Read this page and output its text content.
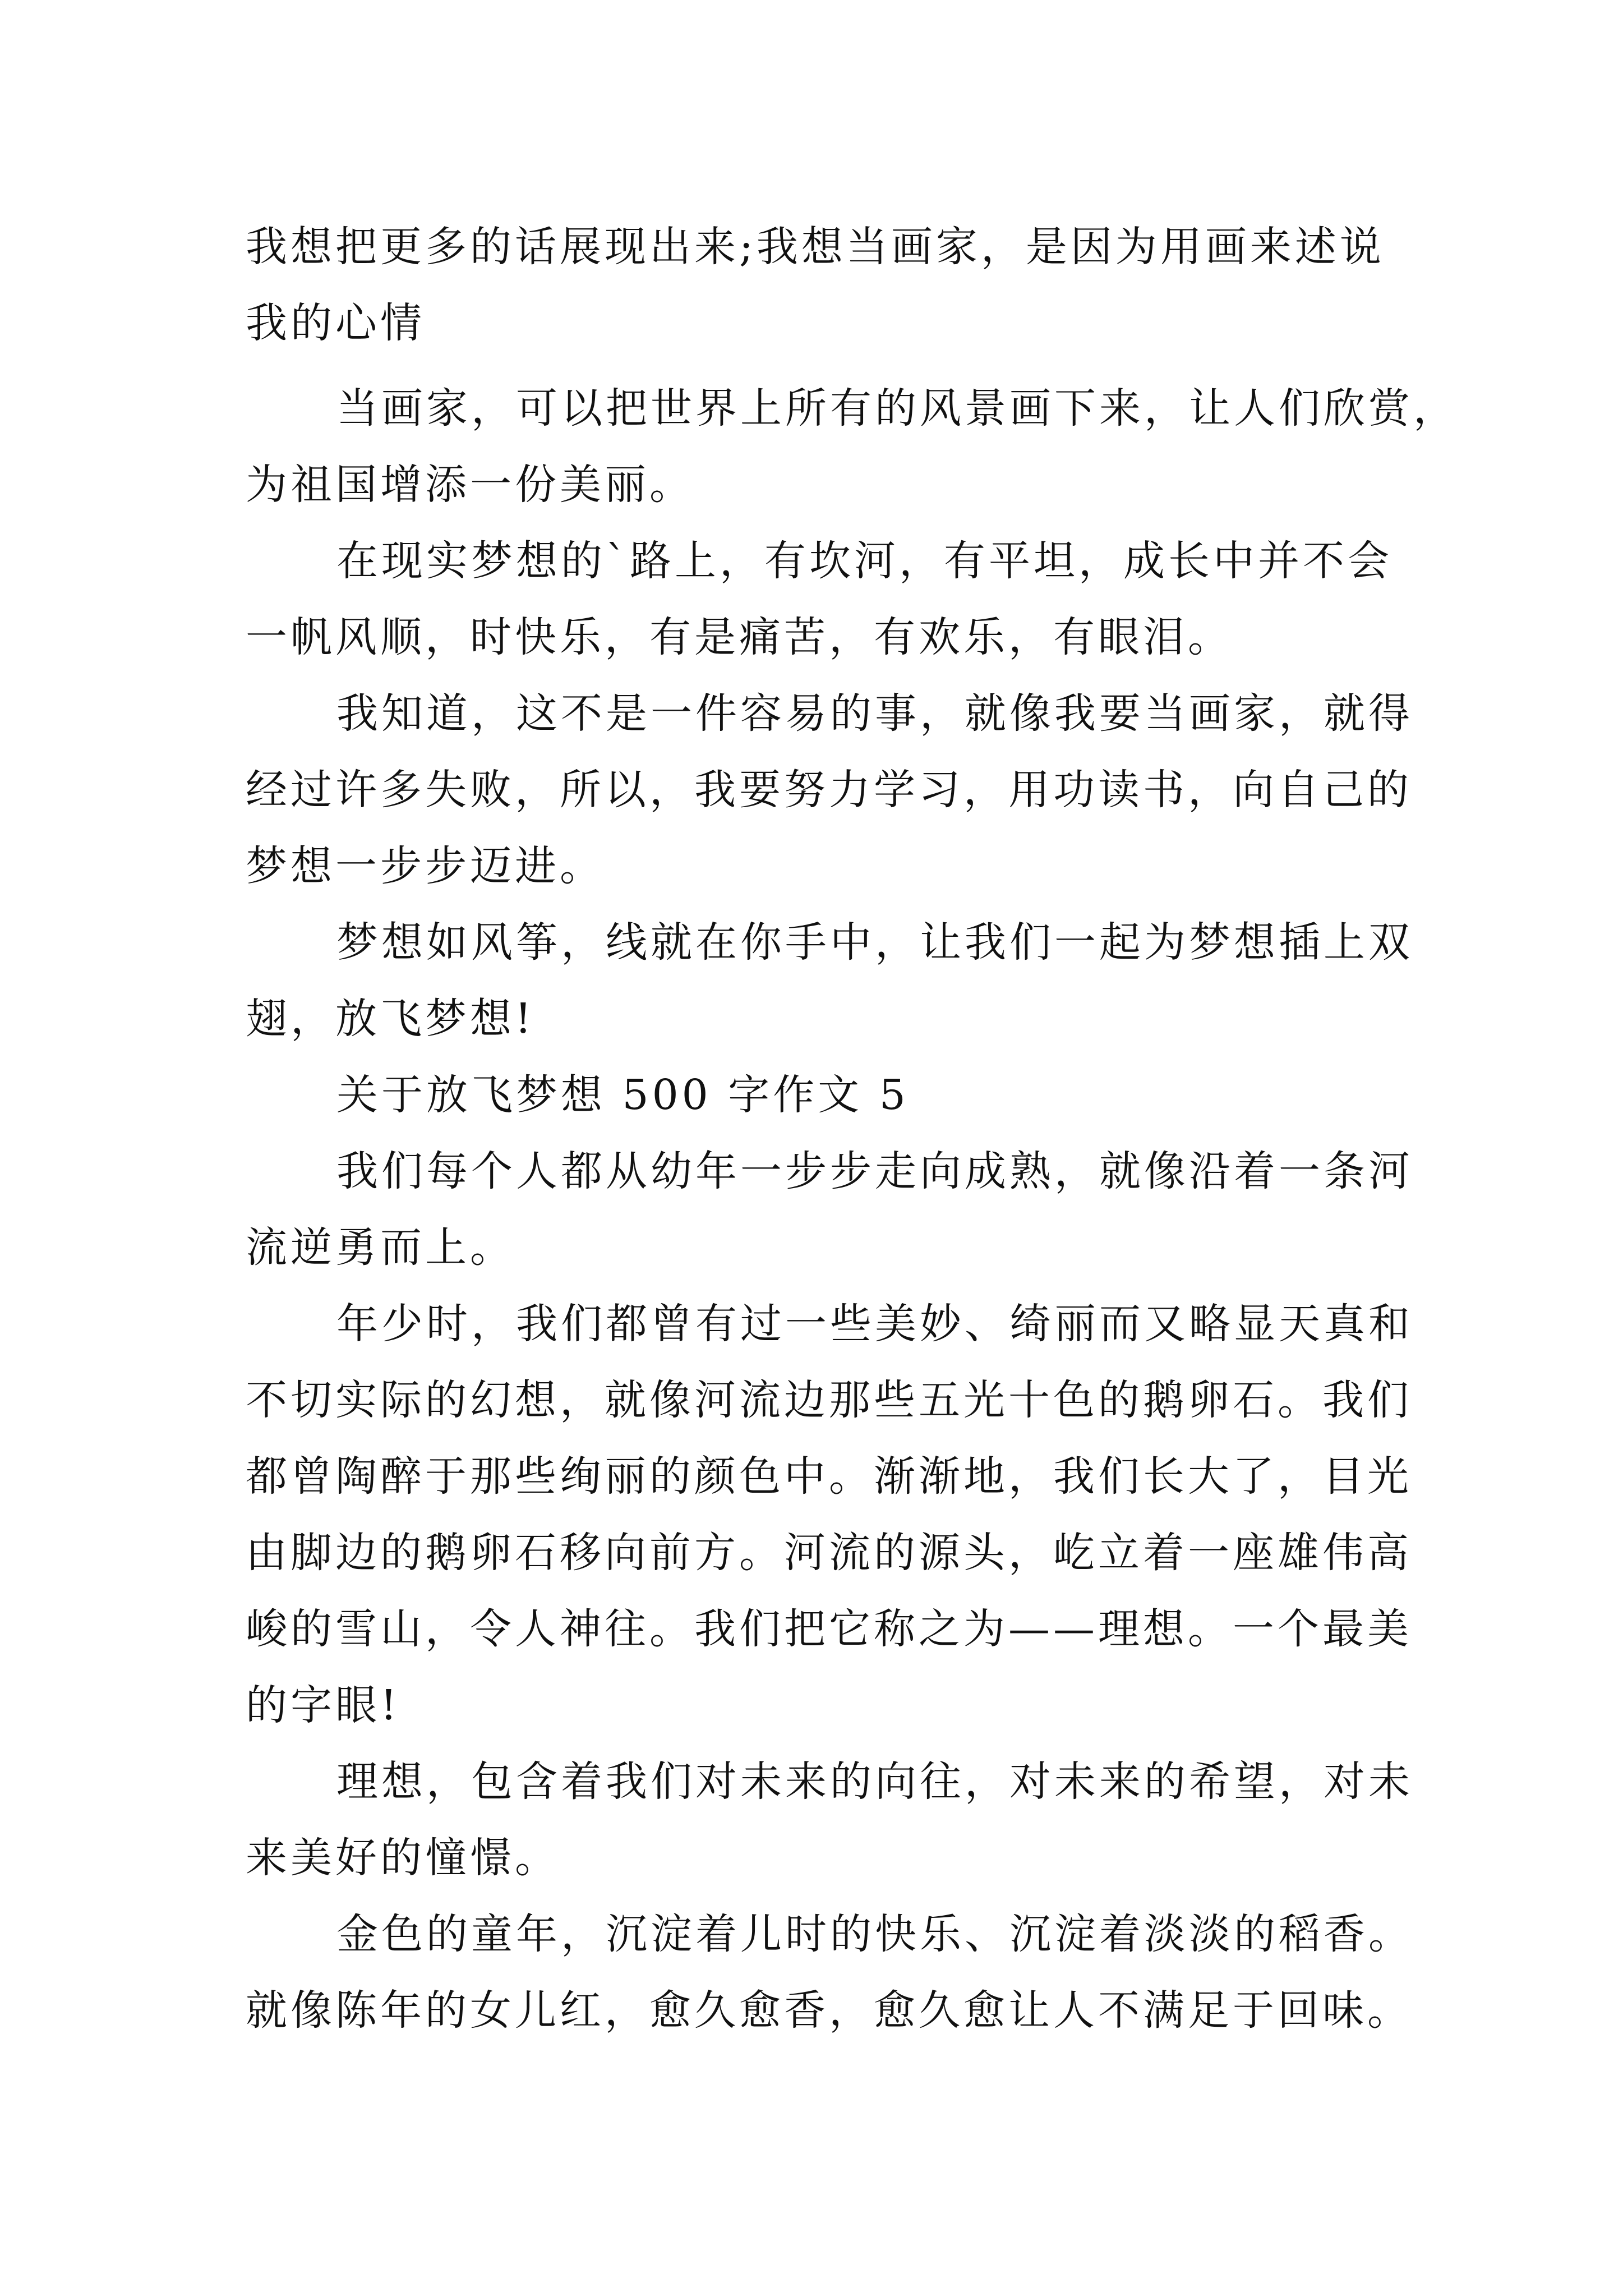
我想把更多的话展现出来;我想当画家，是因为用画来述说
我的心情
当画家，可以把世界上所有的风景画下来，让人们欣赏，
为祖国增添一份美丽。
在现实梦想的`路上，有坎河，有平坦，成长中并不会
一帆风顺，时快乐，有是痛苦，有欢乐，有眼泪。
我知道，这不是一件容易的事，就像我要当画家，就得
经过许多失败，所以，我要努力学习，用功读书，向自己的
梦想一步步迈进。
梦想如风筝，线就在你手中，让我们一起为梦想插上双
翅，放飞梦想!
关于放飞梦想 500 字作文 5
我们每个人都从幼年一步步走向成熟，就像沿着一条河
流逆勇而上。
年少时，我们都曾有过一些美妙、绮丽而又略显天真和
不切实际的幻想，就像河流边那些五光十色的鹅卵石。我们
都曾陶醉于那些绚丽的颜色中。渐渐地，我们长大了，目光
由脚边的鹅卵石移向前方。河流的源头，屹立着一座雄伟高
峻的雪山，令人神往。我们把它称之为——理想。一个最美
的字眼!
理想，包含着我们对未来的向往，对未来的希望，对未
来美好的憧憬。
金色的童年，沉淀着儿时的快乐、沉淀着淡淡的稻香。
就像陈年的女儿红，愈久愈香，愈久愈让人不满足于回味。
